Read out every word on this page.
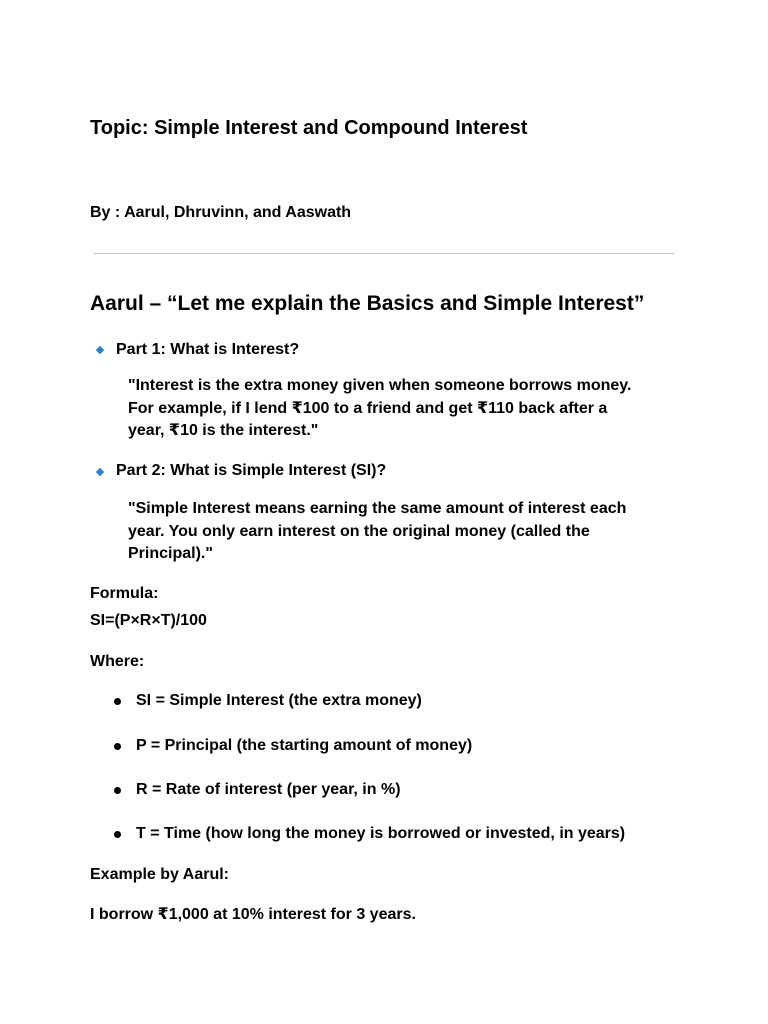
Topic: Simple Interest and Compound Interest
By : Aarul, Dhruvinn, and Aaswath
Aarul – “Let me explain the Basics and Simple Interest”
Part 1: What is Interest?
"Interest is the extra money given when someone borrows money. For example, if I lend ₹100 to a friend and get ₹110 back after a year, ₹10 is the interest."
Part 2: What is Simple Interest (SI)?
"Simple Interest means earning the same amount of interest each year. You only earn interest on the original money (called the Principal)."
Formula:
SI=(P×R×T)/100
Where:
SI = Simple Interest (the extra money)
P = Principal (the starting amount of money)
R = Rate of interest (per year, in %)
T = Time (how long the money is borrowed or invested, in years)
Example by Aarul:
I borrow ₹1,000 at 10% interest for 3 years.
